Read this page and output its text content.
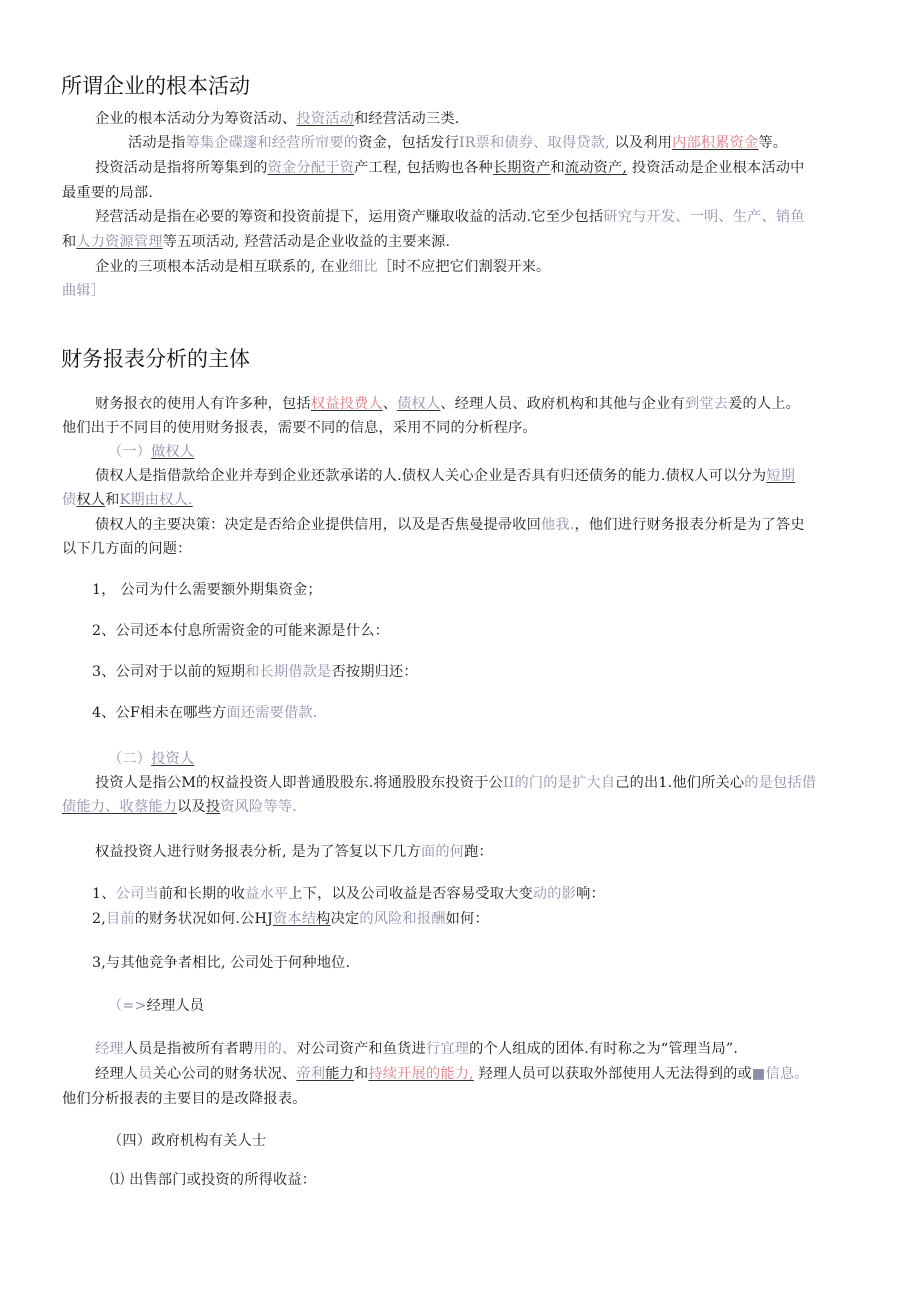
所谓企业的根本活动
企业的根本活动分为筹资活动、投资活动和经营活动三类.
活动是指筹集企碟邃和经营所帘要的资金，包括发行IR票和债券、取得贷款, 以及利用内部积累资金等。
投资活动是指将所筹集到的资金分配于资产工程, 包括购也各种长期资产和流动资产, 投资活动是企业根本活动中
最重要的局部.
羟营活动是指在必要的筹资和投资前提下，运用资产赚取收益的活动.它至少包括研究与开发、一明、生产、销鱼
和人力资源管理等五项活动, 羟营活动是企业收益的主要来源.
企业的三项根本活动是相互联系的, 在业细比［时不应把它们割裂开来。
曲辑］
财务报表分析的主体
财务报衣的使用人有许多种，包括权益投费人、债权人、经理人员、政府机构和其他与企业有到堂去爰的人上。
他们出于不同目的使用财务报表，需要不同的信息，采用不同的分析程序。
（一）做权人
债权人是指借款给企业并寿到企业还款承诺的人.债权人关心企业是否具有归还债务的能力.债权人可以分为短期
债权人和K期由权人.
债权人的主要决策：决定是否给企业提供信用，以及是否焦曼提帚收回他我.，他们进行财务报表分析是为了答史
以下几方面的问题：
1， 公司为什么需要额外期集资金；
2、公司还本付息所需资金的可能来源是什么：
3、公司对于以前的短期和长期借款是否按期归还：
4、公F相未在哪些方面还需要借款.
（二）投资人
投资人是指公M的权益投资人即普通股股东.将通股股东投资于公II的门的是扩大自己的出1.他们所关心的是包括借
债能力、收蔡能力以及投资风险等等.
权益投资人进行财务报表分析, 是为了答复以下几方面的何跑：
1、公司当前和长期的收益水平上下，以及公司收益是否容易受取大变动的影响：
2,目前的财务状况如何.公HJ资本结构决定的风险和报酬如何：
3,与其他竞争者相比, 公司处于何种地位.
（=>经理人员
经理人员是指被所有者聘用的、对公司资产和鱼货进行宜理的个人组成的团体.有时称之为“管理当局”.
经理人员关心公司的财务状况、帝利能力和持续开展的能力, 羟理人员可以获取外部使用人无法得到的或■信息。
他们分析报表的主要目的是改降报表。
（四）政府机构有关人士
⑴ 出售部门或投资的所得收益：
